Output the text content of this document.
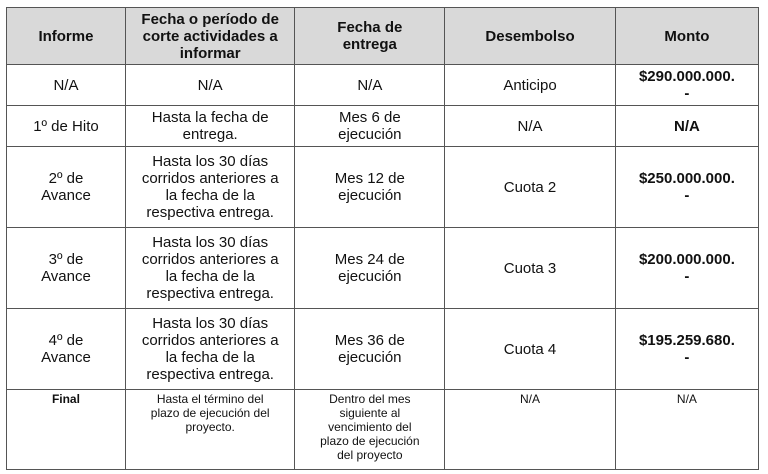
Informe	Fecha o período de
corte actividades a
informar	Fecha de
entrega	Desembolso	Monto
N/A	N/A	N/A	Anticipo	$290.000.000.
-
1º de Hito	Hasta la fecha de
entrega.	Mes 6 de
ejecución	N/A	N/A
2º de
Avance	Hasta los 30 días
corridos anteriores a
la fecha de la
respectiva entrega.	Mes 12 de
ejecución	Cuota 2	$250.000.000.
-
3º de
Avance	Hasta los 30 días
corridos anteriores a
la fecha de la
respectiva entrega.	Mes 24 de
ejecución	Cuota 3	$200.000.000.
-
4º de
Avance	Hasta los 30 días
corridos anteriores a
la fecha de la
respectiva entrega.	Mes 36 de
ejecución	Cuota 4	$195.259.680.
-
Final	Hasta el término del
plazo de ejecución del
proyecto.	Dentro del mes
siguiente al
vencimiento del
plazo de ejecución
del proyecto	N/A	N/A
